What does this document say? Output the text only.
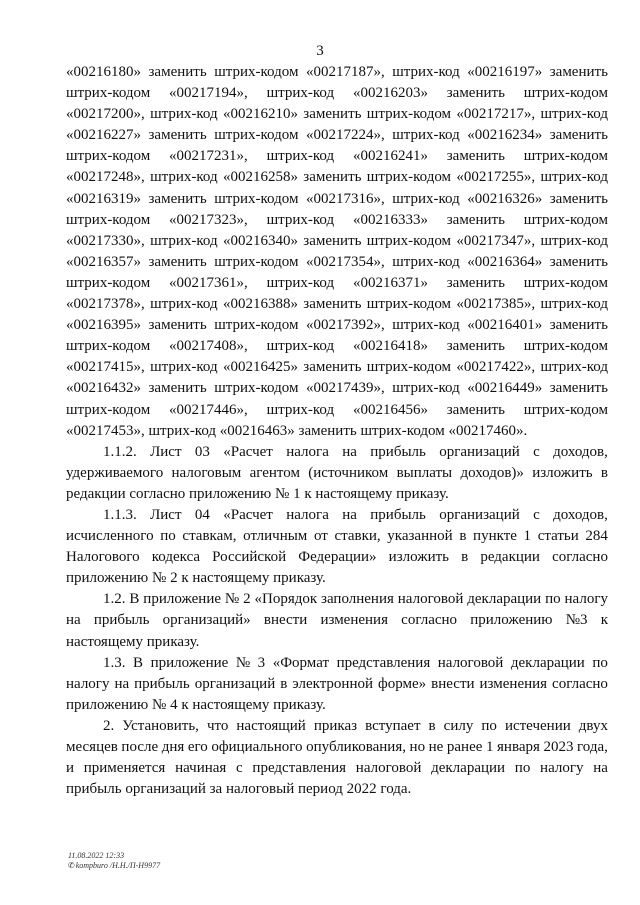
3
«00216180» заменить штрих-кодом «00217187», штрих-код «00216197» заменить
штрих-кодом «00217194», штрих-код «00216203» заменить штрих-кодом
«00217200», штрих-код «00216210» заменить штрих-кодом «00217217», штрих-код
«00216227» заменить штрих-кодом «00217224», штрих-код «00216234» заменить
штрих-кодом «00217231», штрих-код «00216241» заменить штрих-кодом
«00217248», штрих-код «00216258» заменить штрих-кодом «00217255», штрих-код
«00216319» заменить штрих-кодом «00217316», штрих-код «00216326» заменить
штрих-кодом «00217323», штрих-код «00216333» заменить штрих-кодом
«00217330», штрих-код «00216340» заменить штрих-кодом «00217347», штрих-код
«00216357» заменить штрих-кодом «00217354», штрих-код «00216364» заменить
штрих-кодом «00217361», штрих-код «00216371» заменить штрих-кодом
«00217378», штрих-код «00216388» заменить штрих-кодом «00217385», штрих-код
«00216395» заменить штрих-кодом «00217392», штрих-код «00216401» заменить
штрих-кодом «00217408», штрих-код «00216418» заменить штрих-кодом
«00217415», штрих-код «00216425» заменить штрих-кодом «00217422», штрих-код
«00216432» заменить штрих-кодом «00217439», штрих-код «00216449» заменить
штрих-кодом «00217446», штрих-код «00216456» заменить штрих-кодом
«00217453», штрих-код «00216463» заменить штрих-кодом «00217460».
1.1.2. Лист 03 «Расчет налога на прибыль организаций с доходов,
удерживаемого налоговым агентом (источником выплаты доходов)» изложить в
редакции согласно приложению № 1 к настоящему приказу.
1.1.3. Лист 04 «Расчет налога на прибыль организаций с доходов,
исчисленного по ставкам, отличным от ставки, указанной в пункте 1 статьи 284
Налогового кодекса Российской Федерации» изложить в редакции согласно
приложению № 2 к настоящему приказу.
1.2. В приложение № 2 «Порядок заполнения налоговой декларации по налогу
на прибыль организаций» внести изменения согласно приложению №3 к
настоящему приказу.
1.3. В приложение № 3 «Формат представления налоговой декларации по
налогу на прибыль организаций в электронной форме» внести изменения согласно
приложению № 4 к настоящему приказу.
2. Установить, что настоящий приказ вступает в силу по истечении двух
месяцев после дня его официального опубликования, но не ранее 1 января 2023 года,
и применяется начиная с представления налоговой декларации по налогу на
прибыль организаций за налоговый период 2022 года.
11.08.2022 12:33
✆kompburo /Н.Н./П-Н9977
